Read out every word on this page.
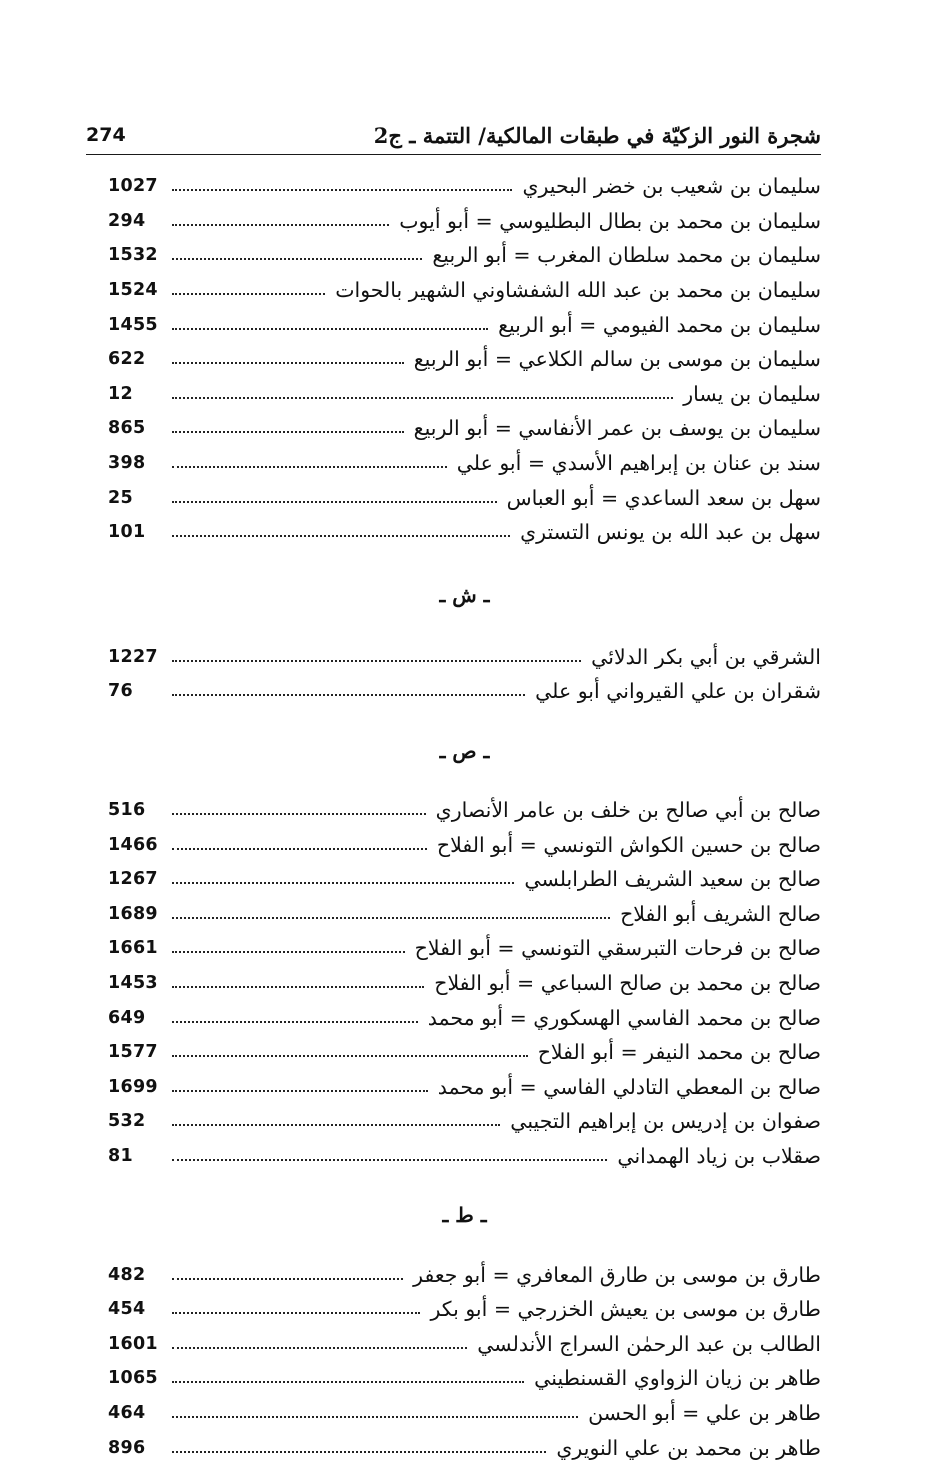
274	شجرة النور الزكيّة في طبقات المالكية/ التتمة ـ ج2
سليمان بن شعيب بن خضر البحيري
1027
سليمان بن محمد بن بطال البطليوسي = أبو أيوب
294
سليمان بن محمد سلطان المغرب = أبو الربيع
1532
سليمان بن محمد بن عبد الله الشفشاوني الشهير بالحوات
1524
سليمان بن محمد الفيومي = أبو الربيع
1455
سليمان بن موسى بن سالم الكلاعي = أبو الربيع
622
سليمان بن يسار
12
سليمان بن يوسف بن عمر الأنفاسي = أبو الربيع
865
سند بن عنان بن إبراهيم الأسدي = أبو علي
398
سهل بن سعد الساعدي = أبو العباس
25
سهل بن عبد الله بن يونس التستري
101
ـ ش ـ
الشرقي بن أبي بكر الدلائي
1227
شقران بن علي القيرواني أبو علي
76
ـ ص ـ
صالح بن أبي صالح بن خلف بن عامر الأنصاري
516
صالح بن حسين الكواش التونسي = أبو الفلاح
1466
صالح بن سعيد الشريف الطرابلسي
1267
صالح الشريف أبو الفلاح
1689
صالح بن فرحات التبرسقي التونسي = أبو الفلاح
1661
صالح بن محمد بن صالح السباعي = أبو الفلاح
1453
صالح بن محمد الفاسي الهسكوري = أبو محمد
649
صالح بن محمد النيفر = أبو الفلاح
1577
صالح بن المعطي التادلي الفاسي = أبو محمد
1699
صفوان بن إدريس بن إبراهيم التجيبي
532
صقلاب بن زياد الهمداني
81
ـ ط ـ
طارق بن موسى بن طارق المعافري = أبو جعفر
482
طارق بن موسى بن يعيش الخزرجي = أبو بكر
454
الطالب بن عبد الرحمٰن السراج الأندلسي
1601
طاهر بن زيان الزواوي القسنطيني
1065
طاهر بن علي = أبو الحسن
464
طاهر بن محمد بن علي النويري
896
